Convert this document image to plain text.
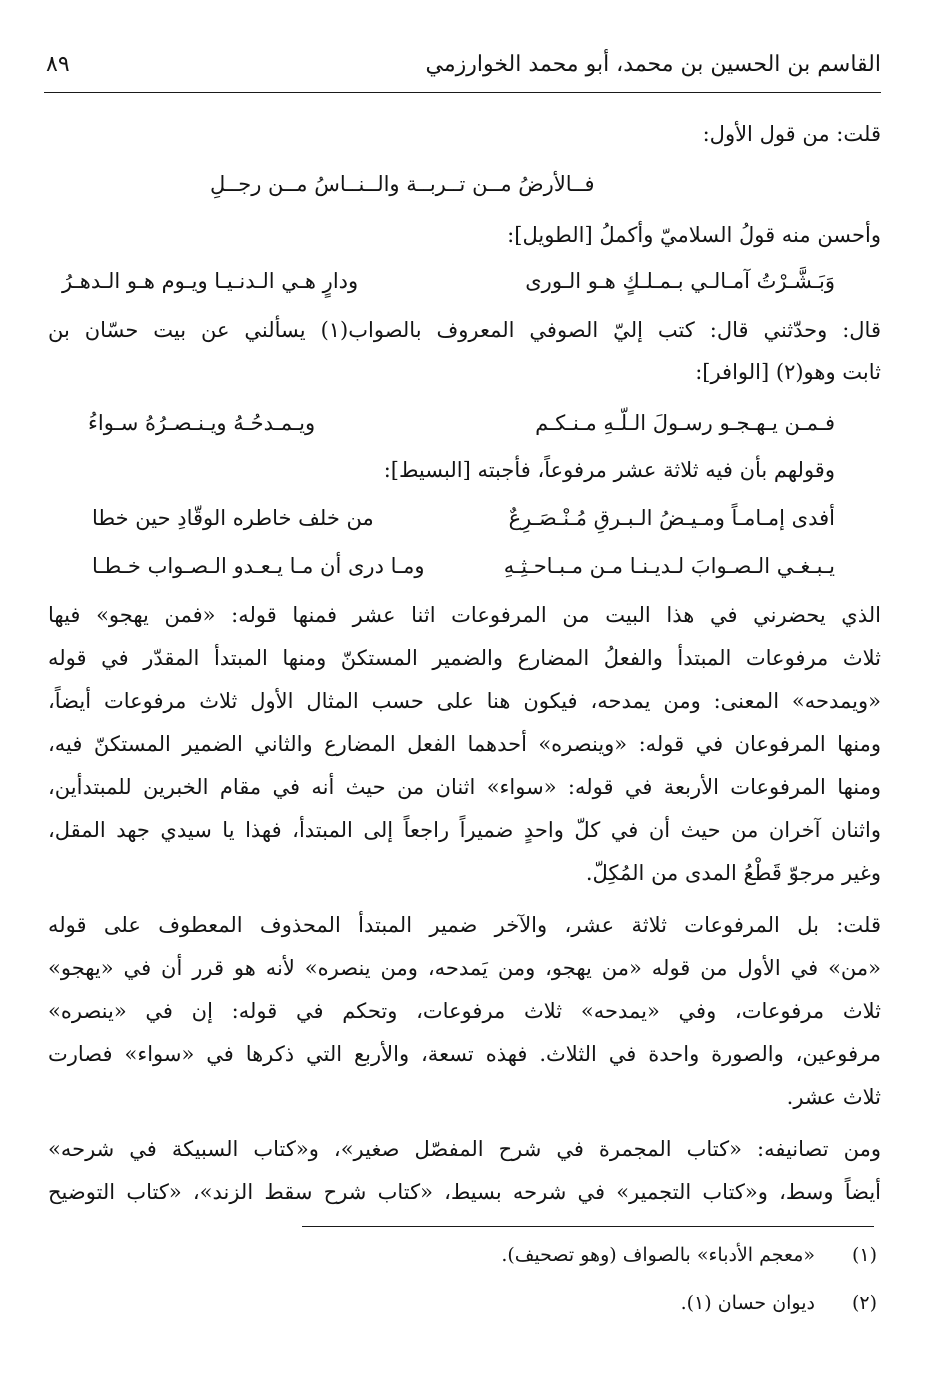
القاسم بن الحسين بن محمد، أبو محمد الخوارزمي
٨٩
قلت: من قول الأول:
فــالأرضُ مــن تــربــة والــنــاسُ مــن رجــلِ
وأحسن منه قولُ السلاميّ وأكملُ [الطويل]:
وَبَـشَّـرْتُ آمـالـي بـمـلـكٍ هـو الـورى
ودارٍ هـي الـدنـيـا ويـوم هـو الـدهـرُ
قال: وحدّثني قال: كتب إليّ الصوفي المعروف بالصواب(١) يسألني عن بيت حسّان بن
ثابت وهو(٢) [الوافر]:
فـمـن يـهـجـو رسـولَ الـلّـهِ مـنـكـم
ويـمـدحُـهُ ويـنـصـرُهُ سـواءُ
وقولهم بأن فيه ثلاثة عشر مرفوعاً، فأجبته [البسيط]:
أفدى إمـامـاً ومـيـضُ الـبـرقِ مُـنْـصَـرِعٌ
من خلف خاطره الوقّادِ حين خطا
يـبـغـي الـصـوابَ لـديـنـا مـن مـبـاحـثِـهِ
ومـا درى أن مـا يـعـدو الـصـواب خـطـا
الذي يحضرني في هذا البيت من المرفوعات اثنا عشر فمنها قوله: «فمن يهجو» فيها
ثلاث مرفوعات المبتدأ والفعلُ المضارع والضمير المستكنّ ومنها المبتدأ المقدّر في قوله
«ويمدحه» المعنى: ومن يمدحه، فيكون هنا على حسب المثال الأول ثلاث مرفوعات أيضاً،
ومنها المرفوعان في قوله: «وينصره» أحدهما الفعل المضارع والثاني الضمير المستكنّ فيه،
ومنها المرفوعات الأربعة في قوله: «سواء» اثنان من حيث أنه في مقام الخبرين للمبتدأين،
واثنان آخران من حيث أن في كلّ واحدٍ ضميراً راجعاً إلى المبتدأ، فهذا يا سيدي جهد المقل،
وغير مرجوّ قَطْعُ المدى من المُكِلّ.
قلت: بل المرفوعات ثلاثة عشر، والآخر ضمير المبتدأ المحذوف المعطوف على قوله
«من» في الأول من قوله «من يهجو، ومن يَمدحه، ومن ينصره» لأنه هو قرر أن في «يهجو»
ثلاث مرفوعات، وفي «يمدحه» ثلاث مرفوعات، وتحكم في قوله: إن في «ينصره»
مرفوعين، والصورة واحدة في الثلاث. فهذه تسعة، والأربع التي ذكرها في «سواء» فصارت
ثلاث عشر.
ومن تصانيفه: «كتاب المجمرة في شرح المفصّل صغير»، و«كتاب السبيكة في شرحه»
أيضاً وسط، و«كتاب التجمير» في شرحه بسيط، «كتاب شرح سقط الزند»، «كتاب التوضيح
(١)«معجم الأدباء» بالصواف (وهو تصحيف).
(٢)ديوان حسان (١).
